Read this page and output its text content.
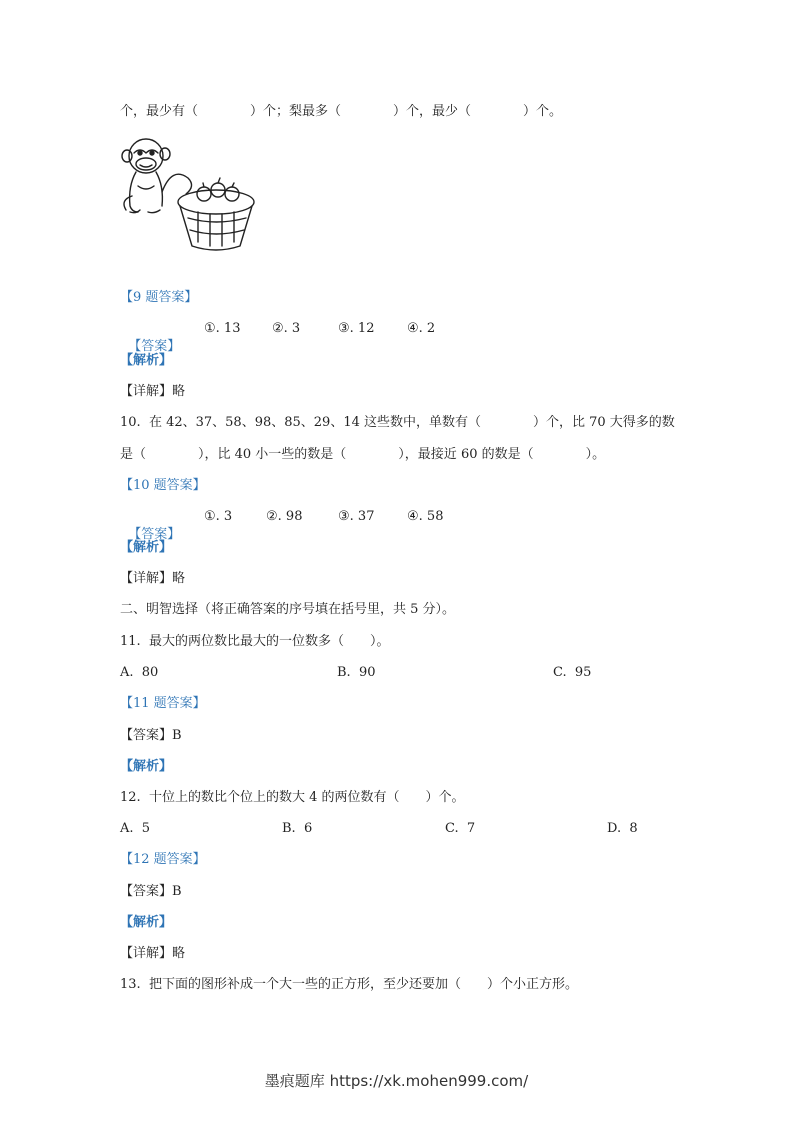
个，最少有（　　　　）个；梨最多（　　　　）个，最少（　　　　）个。
【9 题答案】

【答案】

①. 13 ②. 3	③. 12	④. 2
【解析】
【详解】略
10.  在 42、37、58、98、85、29、14 这些数中，单数有（　　　　）个，比 70 大得多的数
是（　　　　），比 40 小一些的数是（　　　　），最接近 60 的数是（　　　　）。
【10 题答案】

【答案】

①. 3	②. 98	③. 37	④. 58
【解析】
【详解】略
二、明智选择（将正确答案的序号填在括号里，共 5 分）。
11.  最大的两位数比最大的一位数多（　　）。
A.  80	B.  90	C.  95
【11 题答案】
【答案】B
【解析】
12.  十位上的数比个位上的数大 4 的两位数有（　　）个。
A.  5	B.  6	C.  7	D.  8
【12 题答案】
【答案】B
【解析】
【详解】略
13.  把下面的图形补成一个大一些的正方形，至少还要加（　　）个小正方形。
墨痕题库 https://xk.mohen999.com/
